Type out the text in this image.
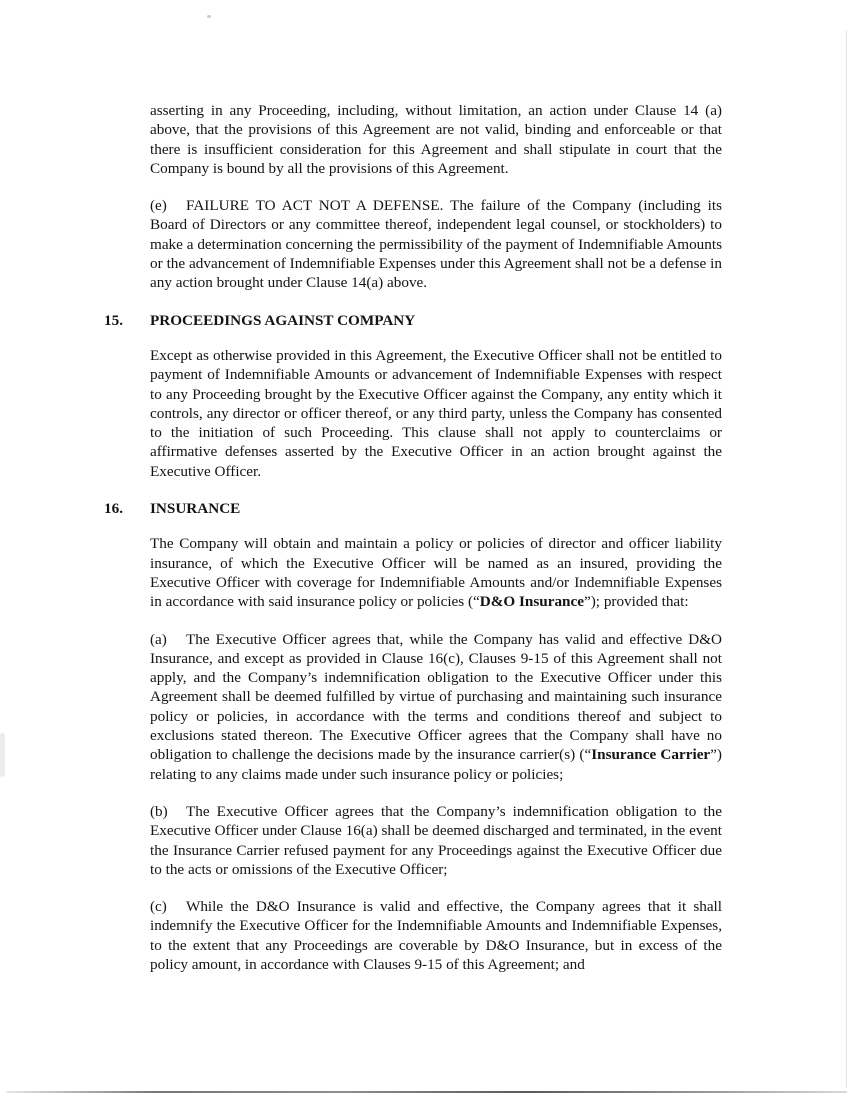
asserting in any Proceeding, including, without limitation, an action under Clause 14 (a) above, that the provisions of this Agreement are not valid, binding and enforceable or that there is insufficient consideration for this Agreement and shall stipulate in court that the Company is bound by all the provisions of this Agreement.

(e) FAILURE TO ACT NOT A DEFENSE. The failure of the Company (including its Board of Directors or any committee thereof, independent legal counsel, or stockholders) to make a determination concerning the permissibility of the payment of Indemnifiable Amounts or the advancement of Indemnifiable Expenses under this Agreement shall not be a defense in any action brought under Clause 14(a) above.

15. PROCEEDINGS AGAINST COMPANY

Except as otherwise provided in this Agreement, the Executive Officer shall not be entitled to payment of Indemnifiable Amounts or advancement of Indemnifiable Expenses with respect to any Proceeding brought by the Executive Officer against the Company, any entity which it controls, any director or officer thereof, or any third party, unless the Company has consented to the initiation of such Proceeding. This clause shall not apply to counterclaims or affirmative defenses asserted by the Executive Officer in an action brought against the Executive Officer.

16. INSURANCE

The Company will obtain and maintain a policy or policies of director and officer liability insurance, of which the Executive Officer will be named as an insured, providing the Executive Officer with coverage for Indemnifiable Amounts and/or Indemnifiable Expenses in accordance with said insurance policy or policies (“D&O Insurance”); provided that:

(a) The Executive Officer agrees that, while the Company has valid and effective D&O Insurance, and except as provided in Clause 16(c), Clauses 9-15 of this Agreement shall not apply, and the Company’s indemnification obligation to the Executive Officer under this Agreement shall be deemed fulfilled by virtue of purchasing and maintaining such insurance policy or policies, in accordance with the terms and conditions thereof and subject to exclusions stated thereon. The Executive Officer agrees that the Company shall have no obligation to challenge the decisions made by the insurance carrier(s) (“Insurance Carrier”) relating to any claims made under such insurance policy or policies;

(b) The Executive Officer agrees that the Company’s indemnification obligation to the Executive Officer under Clause 16(a) shall be deemed discharged and terminated, in the event the Insurance Carrier refused payment for any Proceedings against the Executive Officer due to the acts or omissions of the Executive Officer;

(c) While the D&O Insurance is valid and effective, the Company agrees that it shall indemnify the Executive Officer for the Indemnifiable Amounts and Indemnifiable Expenses, to the extent that any Proceedings are coverable by D&O Insurance, but in excess of the policy amount, in accordance with Clauses 9-15 of this Agreement; and
